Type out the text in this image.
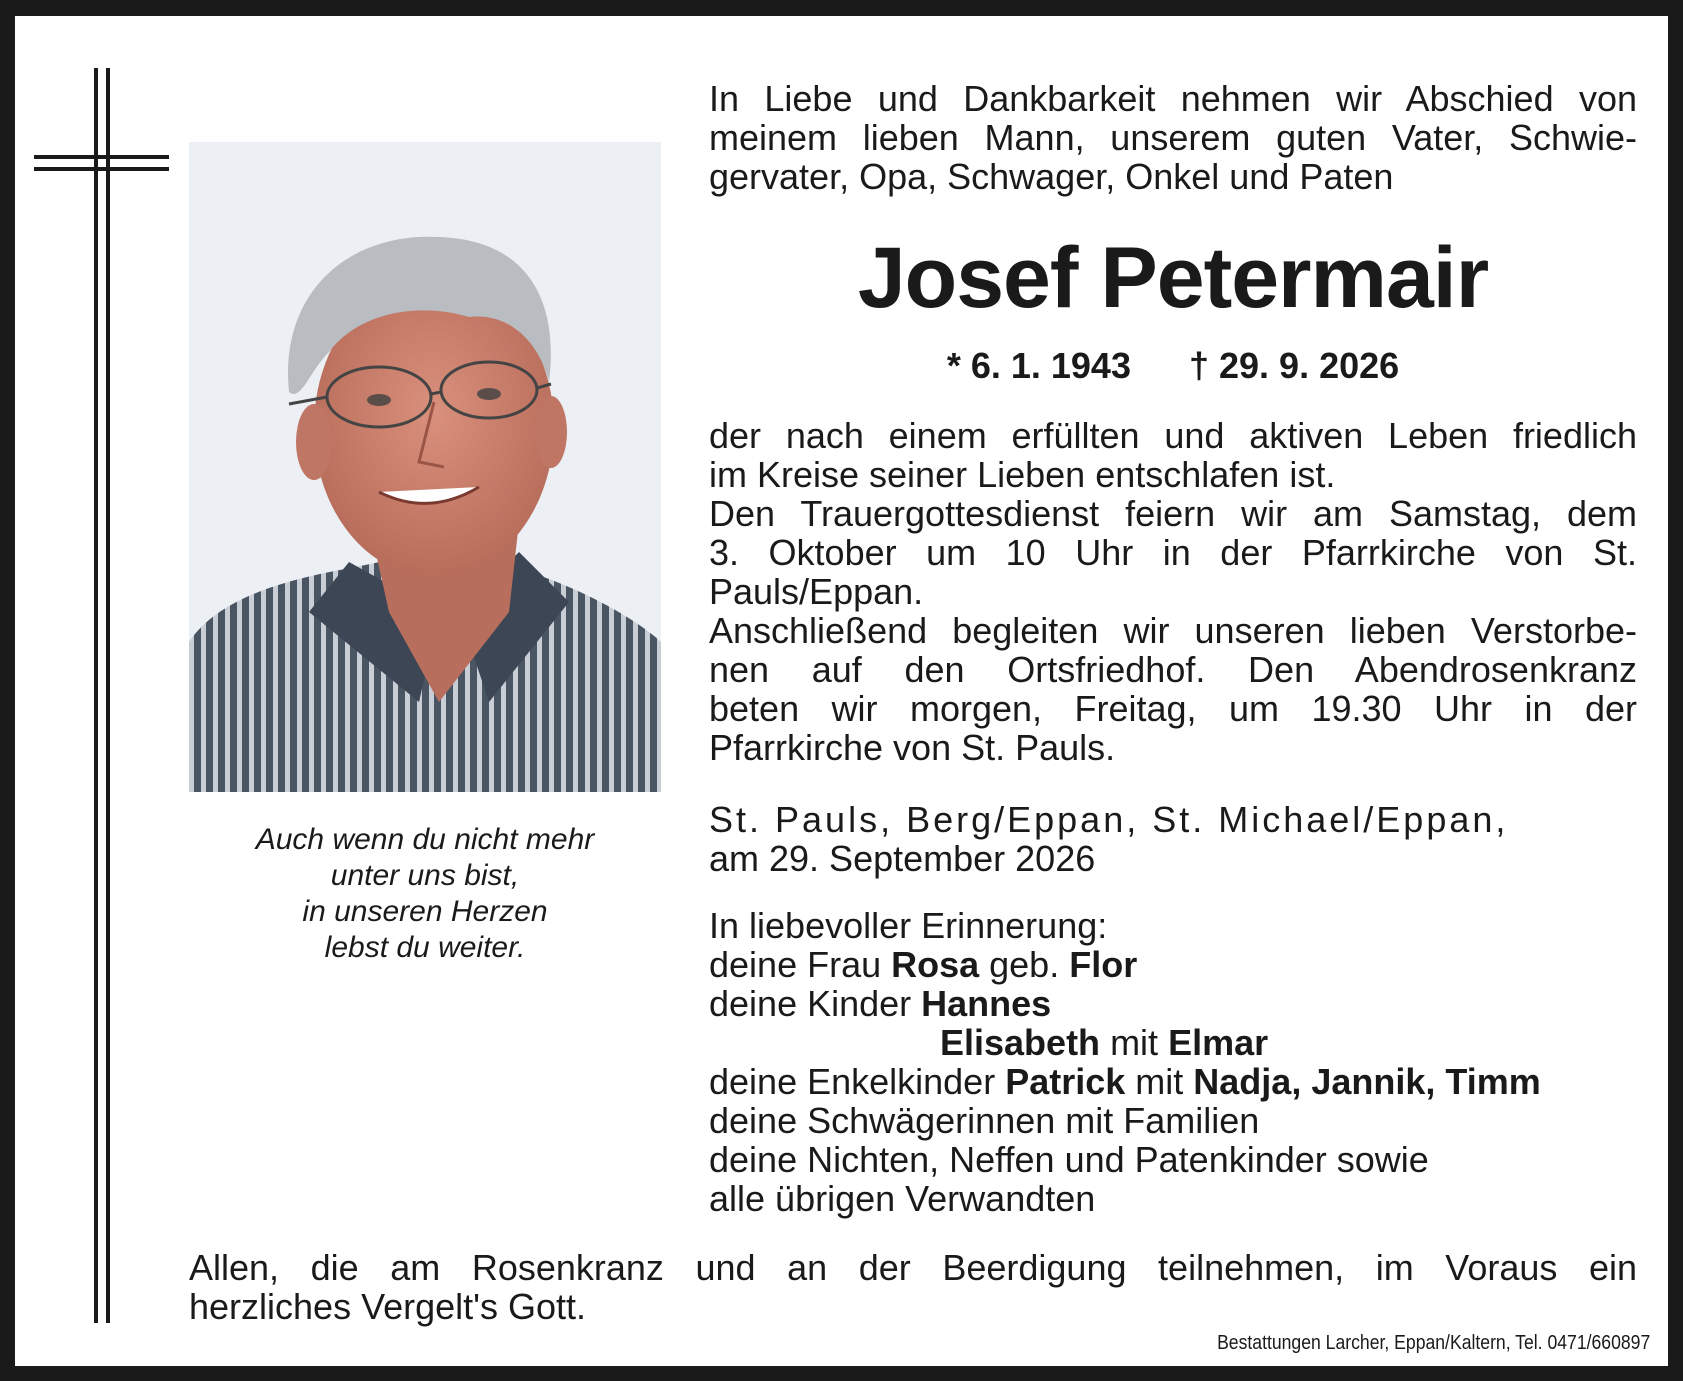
Auch wenn du nicht mehr
unter uns bist,
in unseren Herzen
lebst du weiter.
In Liebe und Dankbarkeit nehmen wir Abschied von
meinem lieben Mann, unserem guten Vater, Schwie-
gervater, Opa, Schwager, Onkel und Paten
Josef Petermair
* 6. 1. 1943 † 29. 9. 2026
der nach einem erfüllten und aktiven Leben friedlich
im Kreise seiner Lieben entschlafen ist.
Den Trauergottesdienst feiern wir am Samstag, dem
3. Oktober um 10 Uhr in der Pfarrkirche von St.
Pauls/Eppan.
Anschließend begleiten wir unseren lieben Verstorbe-
nen auf den Ortsfriedhof. Den Abendrosenkranz
beten wir morgen, Freitag, um 19.30 Uhr in der
Pfarrkirche von St. Pauls.
St. Pauls, Berg/Eppan, St. Michael/Eppan,
am 29. September 2026
In liebevoller Erinnerung:
deine Frau Rosa geb. Flor
deine Kinder Hannes
Elisabeth mit Elmar
deine Enkelkinder Patrick mit Nadja, Jannik, Timm
deine Schwägerinnen mit Familien
deine Nichten, Neffen und Patenkinder sowie
alle übrigen Verwandten
Allen, die am Rosenkranz und an der Beerdigung teilnehmen, im Voraus ein
herzliches Vergelt's Gott.
Bestattungen Larcher, Eppan/Kaltern, Tel. 0471/660897
